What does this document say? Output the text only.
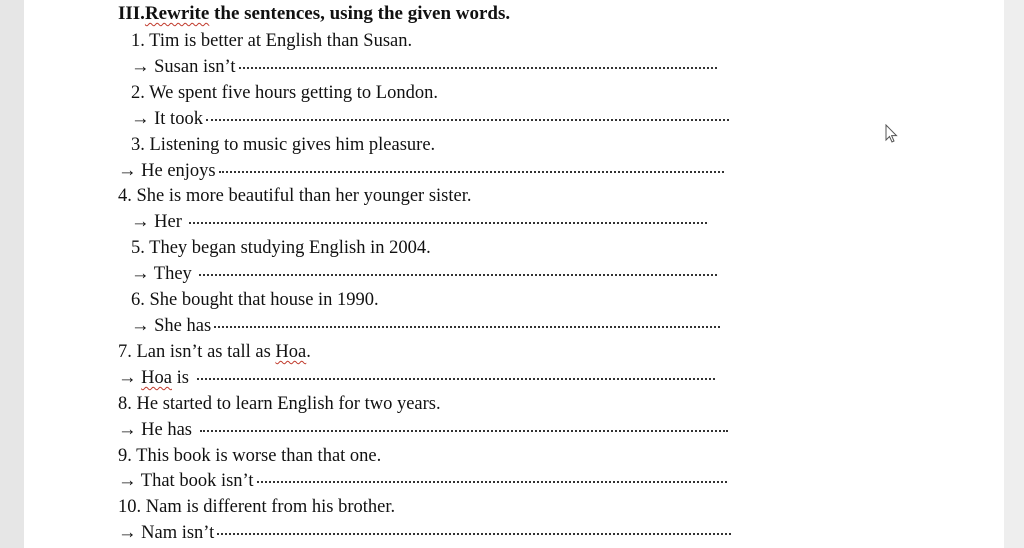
III.Rewrite the sentences, using the given words.
1. Tim is better at English than Susan.
→ Susan isn’t
2. We spent five hours getting to London.
→ It took
3. Listening to music gives him pleasure.
→ He enjoys
4. She is more beautiful than her younger sister.
→ Her
5. They began studying English in 2004.
→ They
6. She bought that house in 1990.
→ She has
7. Lan isn’t as tall as Hoa.
→
Hoa is
8. He started to learn English for two years.
→ He has
9. This book is worse than that one.
→ That book isn’t
10. Nam is different from his brother.
→ Nam isn’t
